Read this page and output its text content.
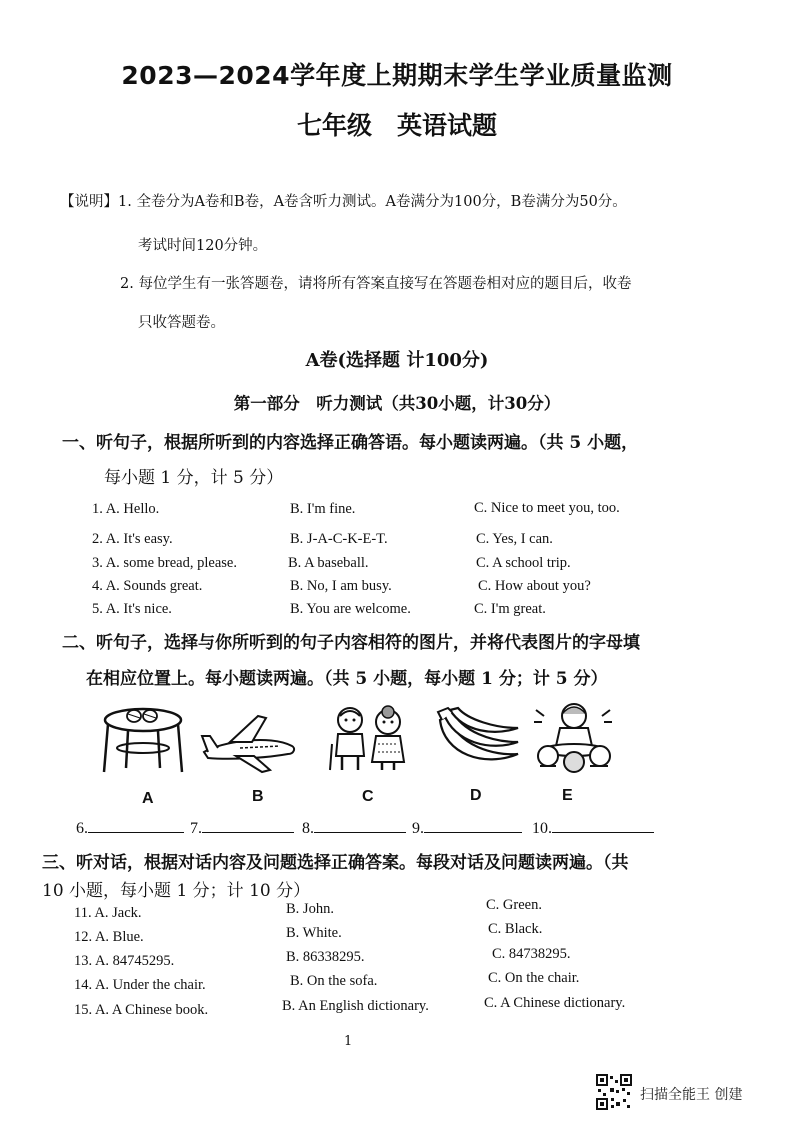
2023—2024学年度上期期末学生学业质量监测
七年级　英语试题
【说明】1. 全卷分为A卷和B卷，A卷含听力测试。A卷满分为100分，B卷满分为50分。
考试时间120分钟。
2. 每位学生有一张答题卷，请将所有答案直接写在答题卷相对应的题目后，收卷
只收答题卷。
A卷(选择题 计100分)
第一部分　听力测试（共30小题，计30分）
一、听句子，根据所听到的内容选择正确答语。每小题读两遍。（共 5 小题，
每小题 1 分，计 5 分）
1. A. Hello.	B. I'm fine.	C. Nice to meet you, too.
2. A. It's easy.	B. J-A-C-K-E-T.	C. Yes, I can.
3. A. some bread, please.	B. A baseball.	C. A school trip.
4. A. Sounds great.	B. No, I am busy.	C. How about you?
5. A. It's nice.	B. You are welcome.	C. I'm great.
二、听句子，选择与你所听到的句子内容相符的图片，并将代表图片的字母填
在相应位置上。每小题读两遍。（共 5 小题，每小题 1 分；计 5 分）
A	B	C	D	E
6.	7.	8.	9.	10.
三、听对话，根据对话内容及问题选择正确答案。每段对话及问题读两遍。（共
10 小题，每小题 1 分；计 10 分）
11. A. Jack.	B. John.	C. Green.
12. A. Blue.	B. White.	C. Black.
13. A. 84745295.	B. 86338295.	C. 84738295.
14. A. Under the chair.	B. On the sofa.	C. On the chair.
15. A. A Chinese book.	B. An English dictionary.	C. A Chinese dictionary.
1
扫描全能王 创建
